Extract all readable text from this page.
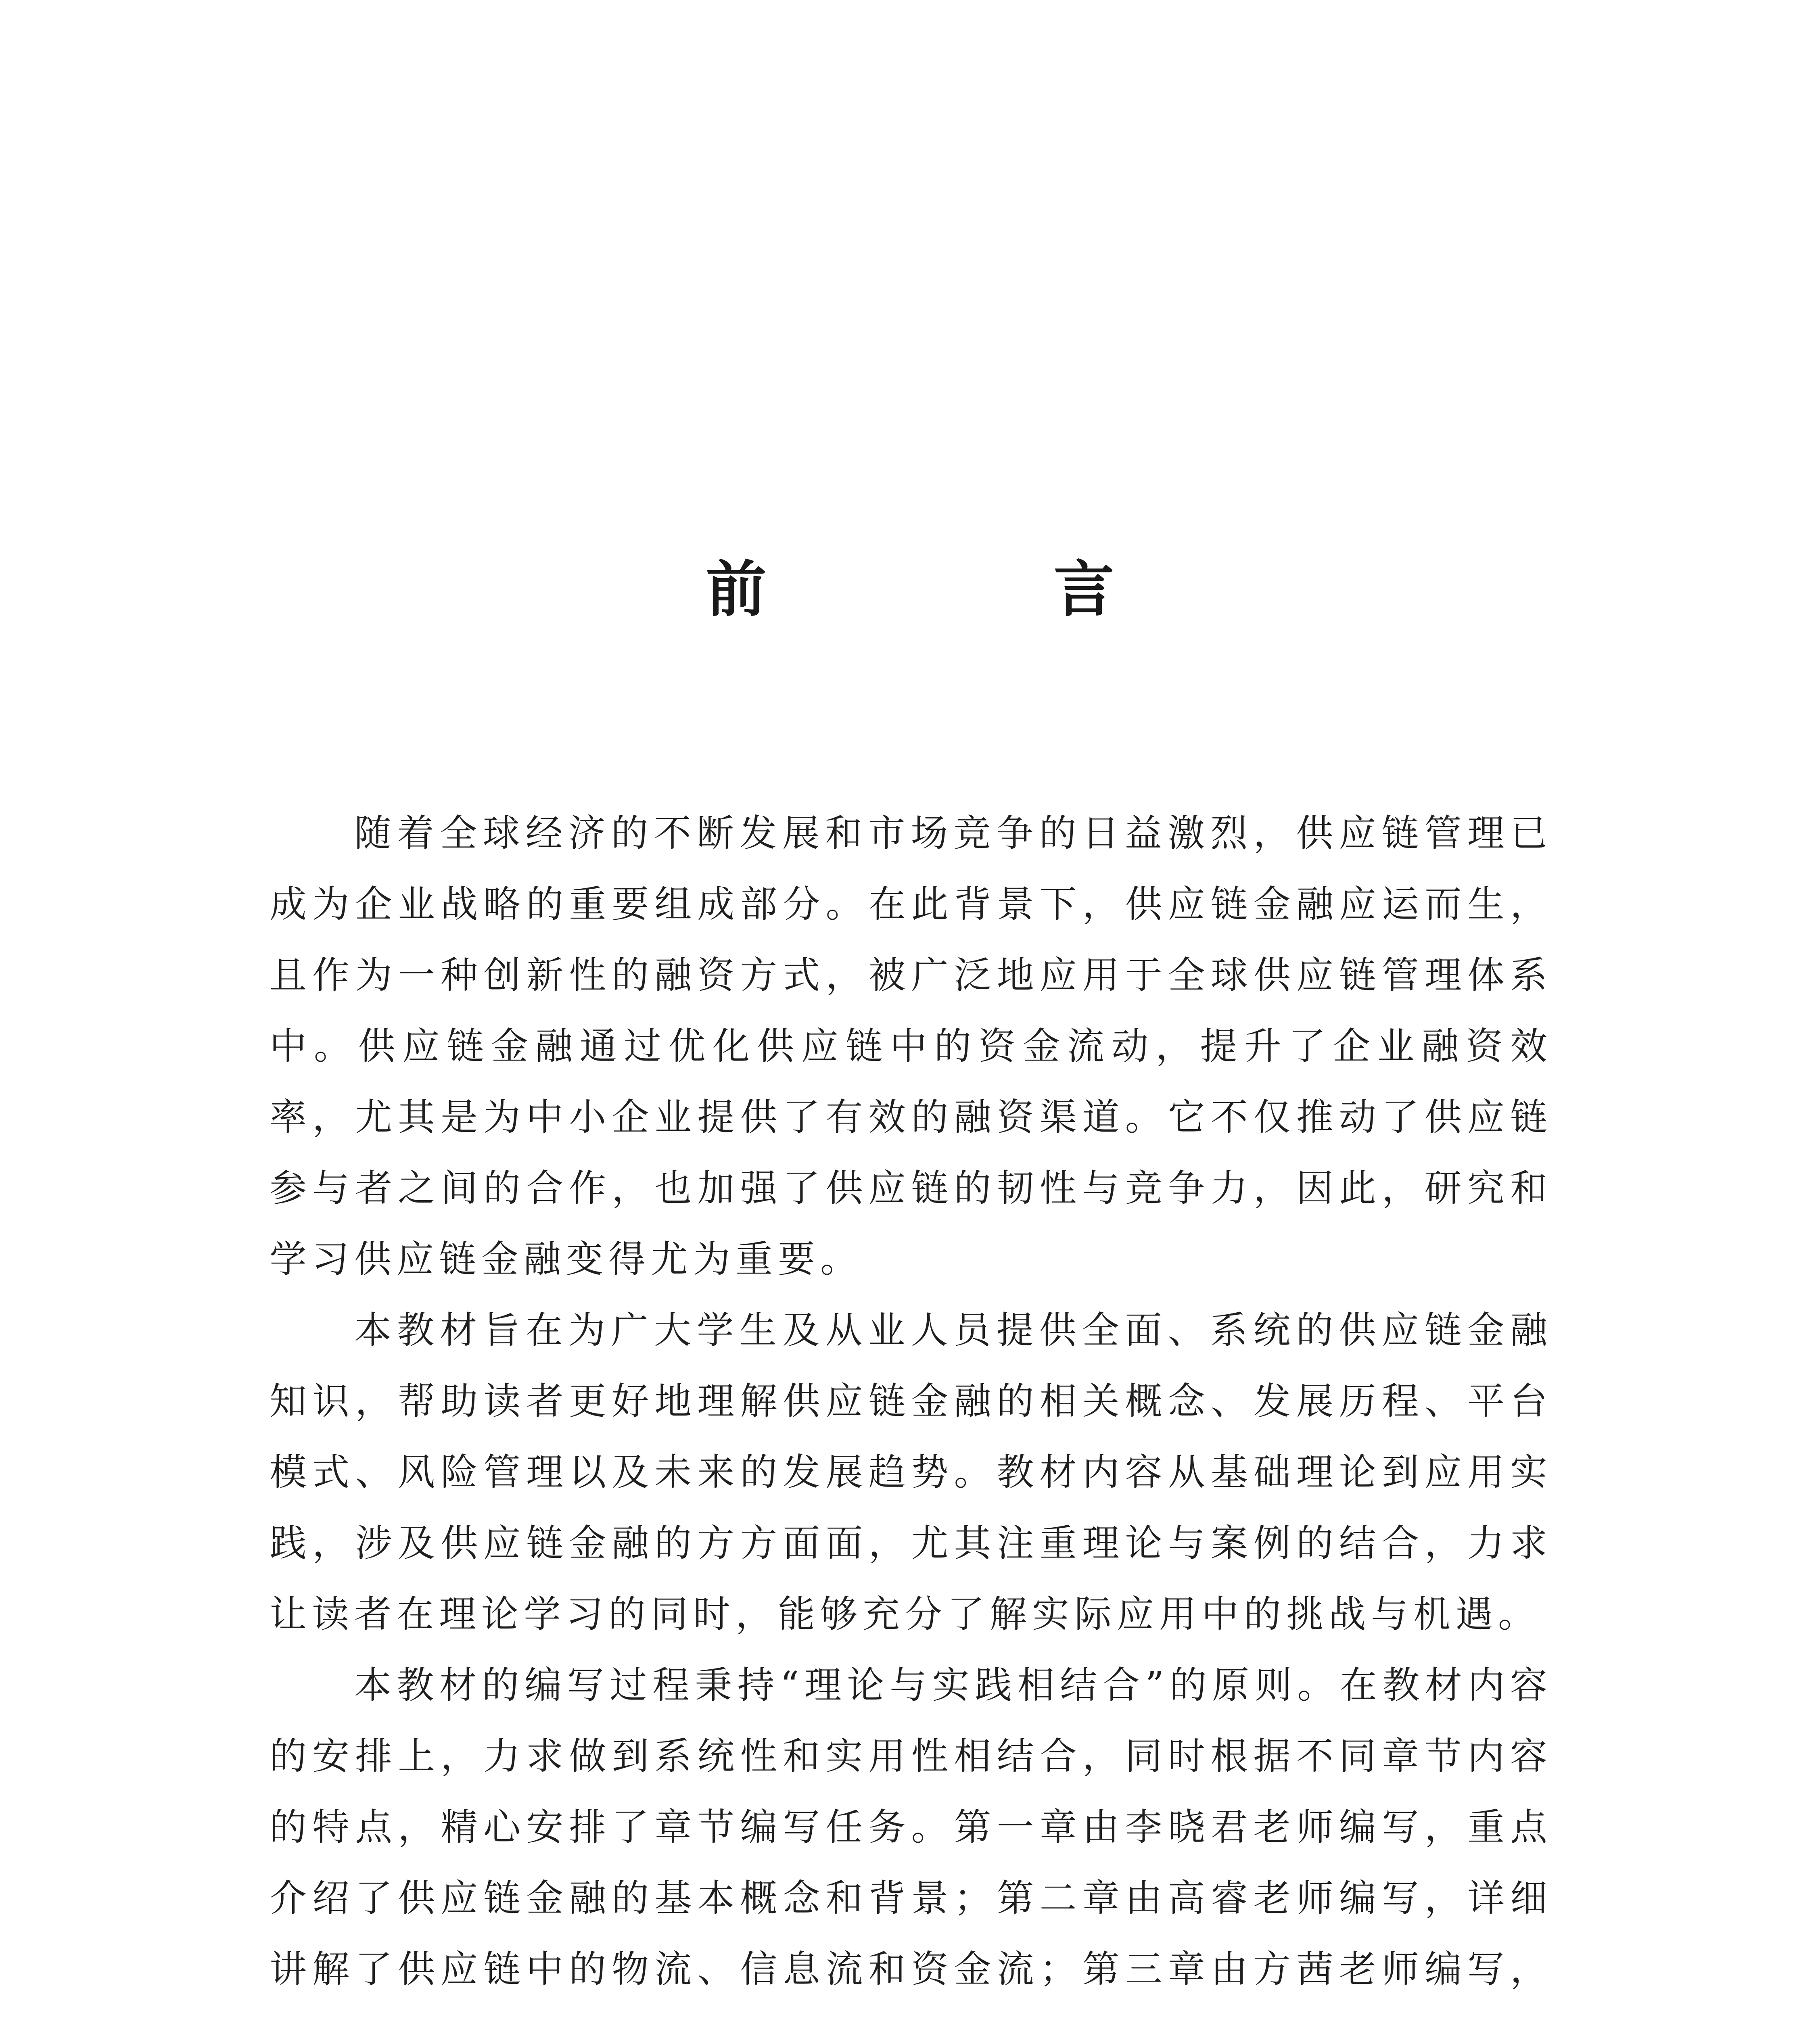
前 言

随着全球经济的不断发展和市场竞争的日益激烈，供应链管理已成为企业战略的重要组成部分。在此背景下，供应链金融应运而生，且作为一种创新性的融资方式，被广泛地应用于全球供应链管理体系中。供应链金融通过优化供应链中的资金流动，提升了企业融资效率，尤其是为中小企业提供了有效的融资渠道。它不仅推动了供应链参与者之间的合作，也加强了供应链的韧性与竞争力，因此，研究和学习供应链金融变得尤为重要。

本教材旨在为广大学生及从业人员提供全面、系统的供应链金融知识，帮助读者更好地理解供应链金融的相关概念、发展历程、平台模式、风险管理以及未来的发展趋势。教材内容从基础理论到应用实践，涉及供应链金融的方方面面，尤其注重理论与案例的结合，力求让读者在理论学习的同时，能够充分了解实际应用中的挑战与机遇。

本教材的编写过程秉持“理论与实践相结合”的原则。在教材内容的安排上，力求做到系统性和实用性相结合，同时根据不同章节内容的特点，精心安排了章节编写任务。第一章由李晓君老师编写，重点介绍了供应链金融的基本概念和背景；第二章由高睿老师编写，详细讲解了供应链中的物流、信息流和资金流；第三章由方茜老师编写，
